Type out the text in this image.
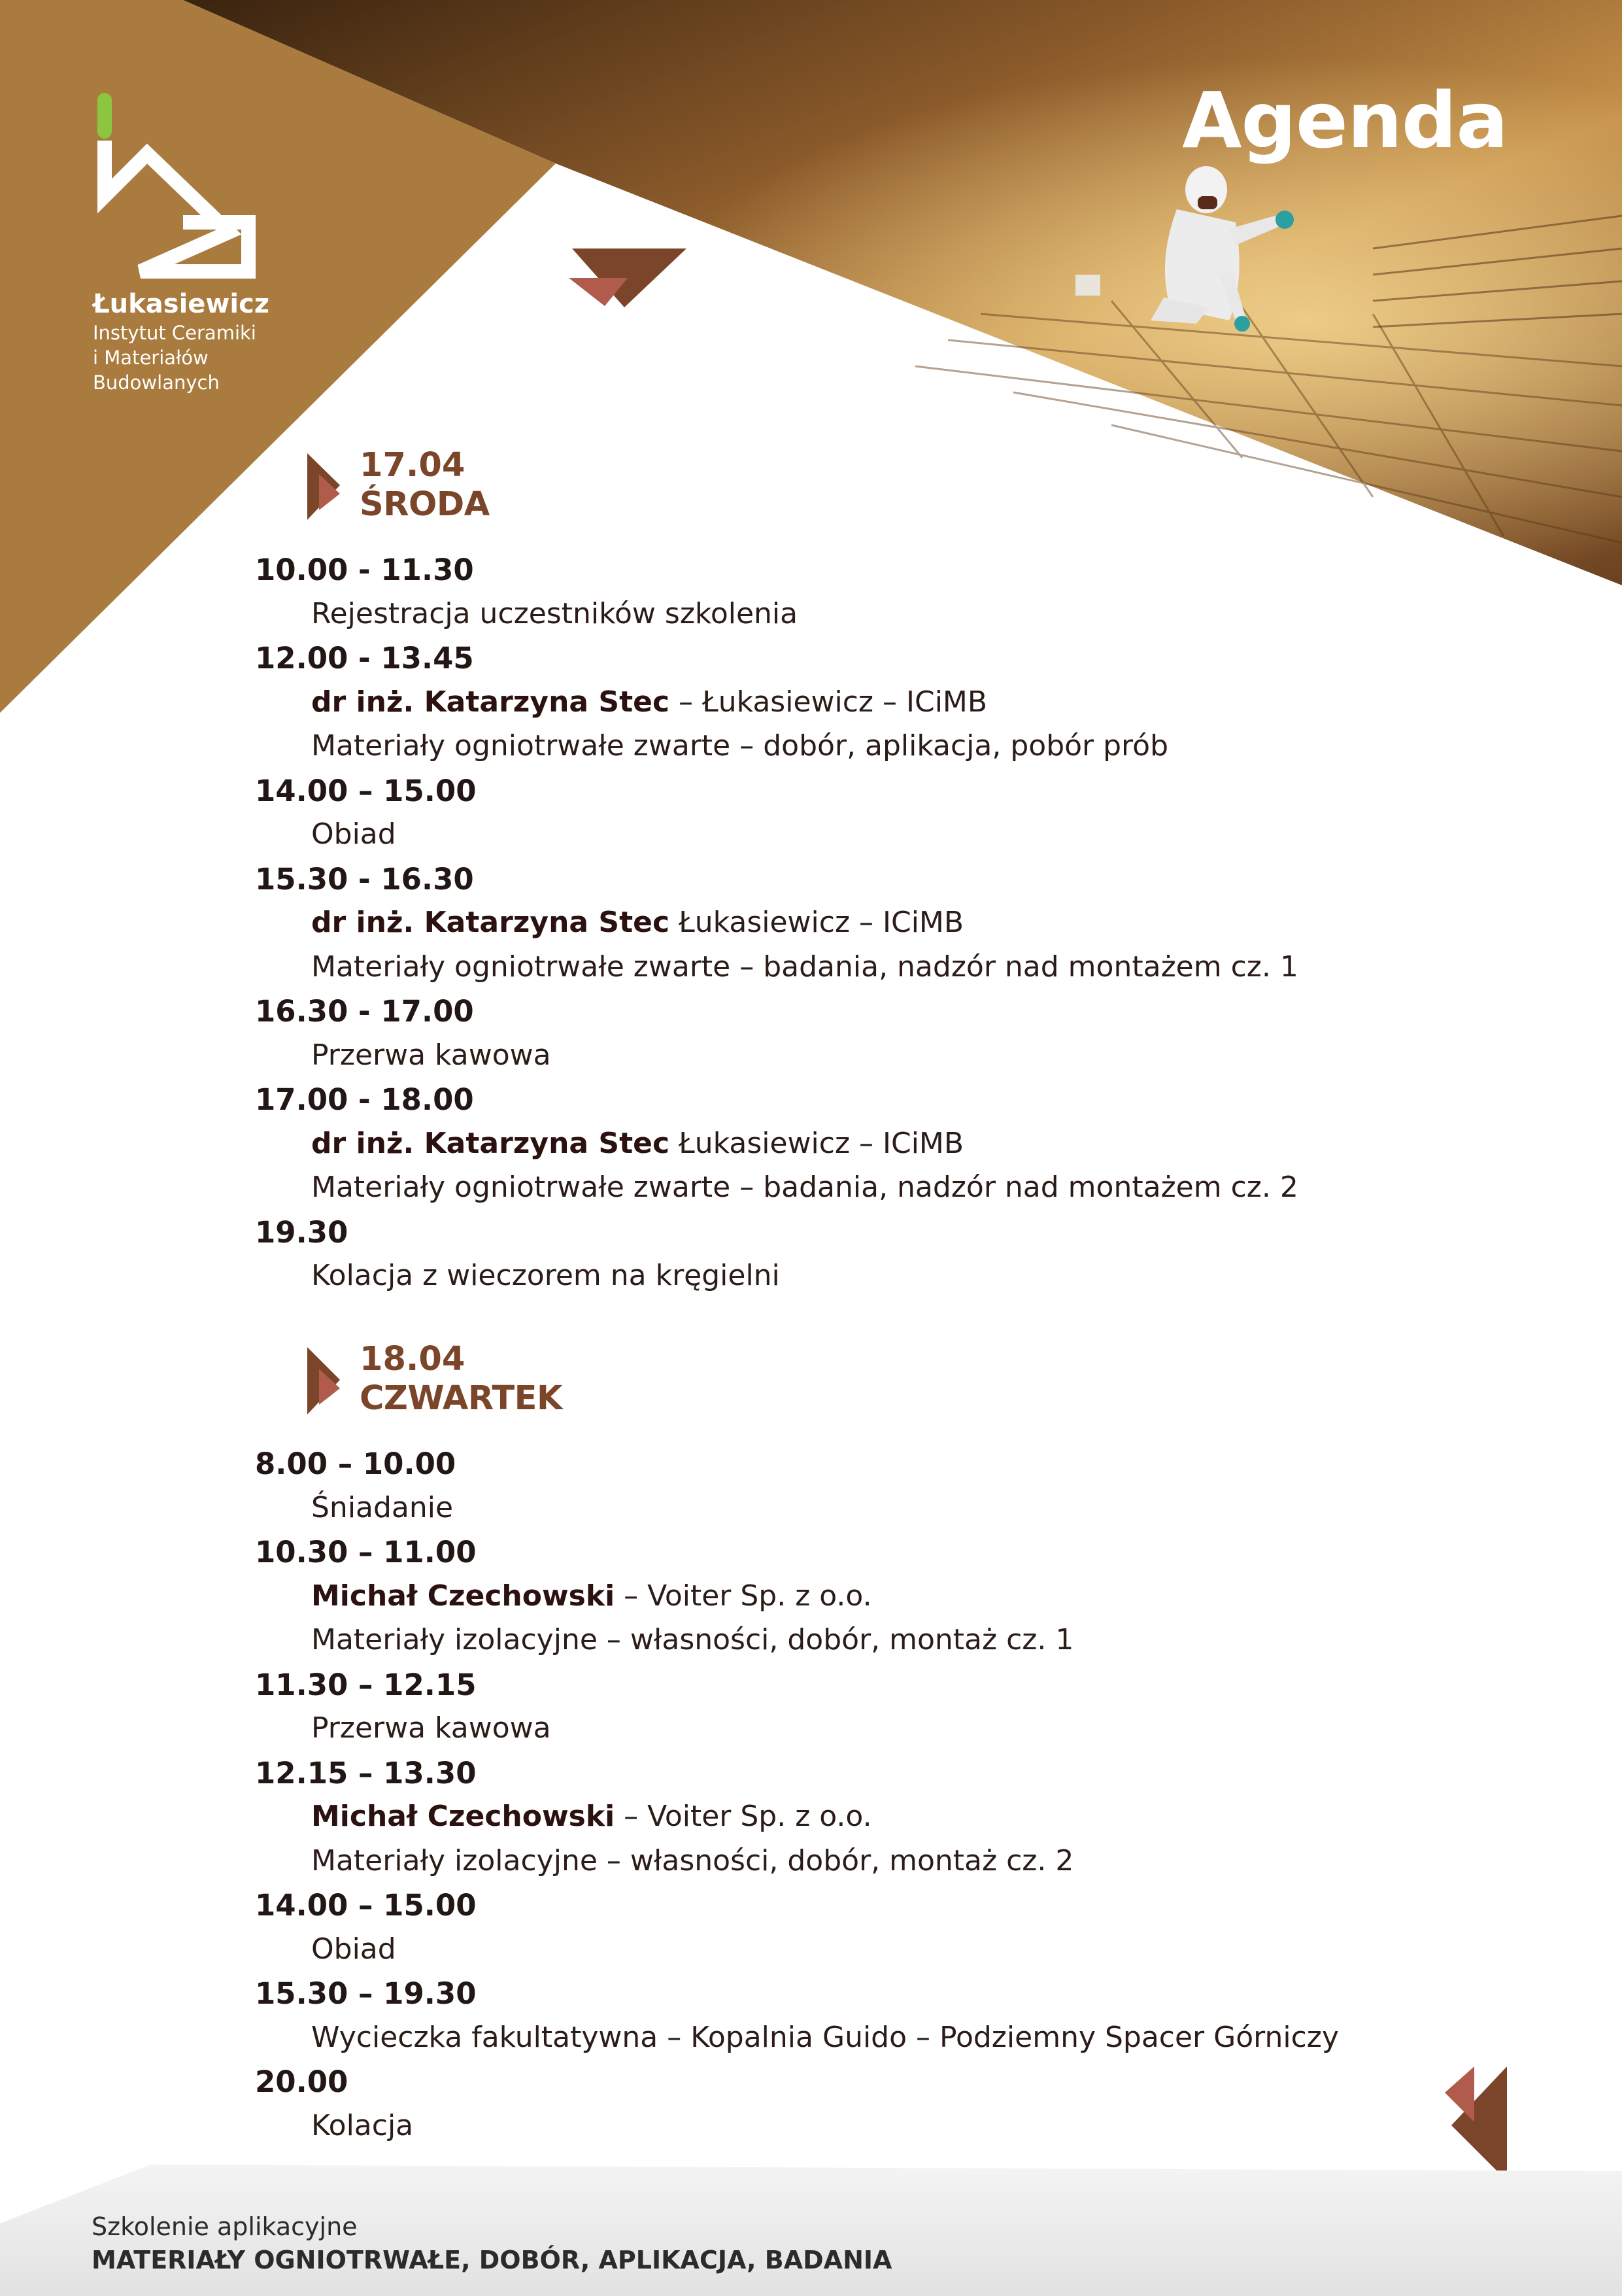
Agenda
Łukasiewicz
Instytut Ceramiki
i Materiałów
Budowlanych
17.04
ŚRODA
18.04
CZWARTEK
10.00 - 11.30
Rejestracja uczestników szkolenia
12.00 - 13.45
dr inż. Katarzyna Stec – Łukasiewicz – ICiMB
Materiały ogniotrwałe zwarte – dobór, aplikacja, pobór prób
14.00 – 15.00
Obiad
15.30 - 16.30
dr inż. Katarzyna Stec Łukasiewicz – ICiMB
Materiały ogniotrwałe zwarte – badania, nadzór nad montażem cz. 1
16.30 - 17.00
Przerwa kawowa
17.00 - 18.00
dr inż. Katarzyna Stec Łukasiewicz – ICiMB
Materiały ogniotrwałe zwarte – badania, nadzór nad montażem cz. 2
19.30
Kolacja z wieczorem na kręgielni
8.00 – 10.00
Śniadanie
10.30 – 11.00
Michał Czechowski – Voiter Sp. z o.o.
Materiały izolacyjne – własności, dobór, montaż cz. 1
11.30 – 12.15
Przerwa kawowa
12.15 – 13.30
Michał Czechowski – Voiter Sp. z o.o.
Materiały izolacyjne – własności, dobór, montaż cz. 2
14.00 – 15.00
Obiad
15.30 – 19.30
Wycieczka fakultatywna – Kopalnia Guido – Podziemny Spacer Górniczy
20.00
Kolacja
Szkolenie aplikacyjne
MATERIAŁY OGNIOTRWAŁE, DOBÓR, APLIKACJA, BADANIA
